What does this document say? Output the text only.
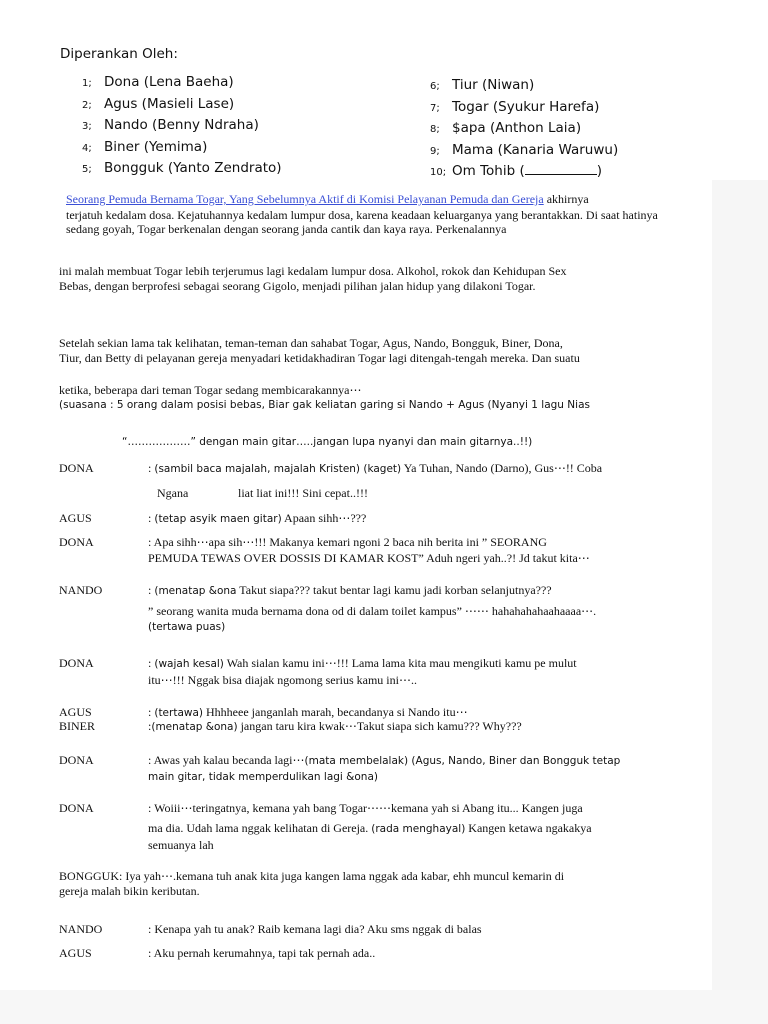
Diperankan Oleh:
1; Dona (Lena Baeha)
2; Agus (Masieli Lase)
3; Nando (Benny Ndraha)
4; Biner (Yemima)
5; Bongguk (Yanto Zendrato)
6; Tiur (Niwan)
7; Togar (Syukur Harefa)
8; $apa (Anthon Laia)
9; Mama (Kanaria Waruwu)
10; Om Tohib (	)
Seorang Pemuda Bernama Togar, Yang Sebelumnya Aktif di Komisi Pelayanan Pemuda dan Gereja akhirnya
terjatuh kedalam dosa. Kejatuhannya kedalam lumpur dosa, karena keadaan keluarganya yang berantakkan. Di saat hatinya
sedang goyah, Togar berkenalan dengan seorang janda cantik dan kaya raya. Perkenalannya
ini malah membuat Togar lebih terjerumus lagi kedalam lumpur dosa. Alkohol, rokok dan Kehidupan Sex
Bebas, dengan berprofesi sebagai seorang Gigolo, menjadi pilihan jalan hidup yang dilakoni Togar.
Setelah sekian lama tak kelihatan, teman-teman dan sahabat Togar, Agus, Nando, Bongguk, Biner, Dona,
Tiur, dan Betty di pelayanan gereja menyadari ketidakhadiran Togar lagi ditengah-tengah mereka. Dan suatu
ketika, beberapa dari teman Togar sedang membicarakannya⋯
(suasana : 5 orang dalam posisi bebas, Biar gak keliatan garing si Nando + Agus (Nyanyi 1 lagu Nias
“………………” dengan main gitar…..jangan lupa nyanyi dan main gitarnya..!!)
DONA	: (sambil baca majalah, majalah Kristen) (kaget) Ya Tuhan, Nando (Darno), Gus⋯!! Coba
Ngana	liat liat ini!!! Sini cepat..!!!
AGUS	: (tetap asyik maen gitar) Apaan sihh⋯???
DONA	: Apa sihh⋯apa sih⋯!!! Makanya kemari ngoni 2 baca nih berita ini ” SEORANG
PEMUDA TEWAS OVER DOSSIS DI KAMAR KOST” Aduh ngeri yah..?! Jd takut kita⋯
NANDO	: (menatap &ona Takut siapa??? takut bentar lagi kamu jadi korban selanjutnya???
” seorang wanita muda bernama dona od di dalam toilet kampus” ⋯⋯ hahahahahaahaaaa⋯.
(tertawa puas)
DONA	: (wajah kesal) Wah sialan kamu ini⋯!!! Lama lama kita mau mengikuti kamu pe mulut
itu⋯!!! Nggak bisa diajak ngomong serius kamu ini⋯..
AGUS	: (tertawa) Hhhheee janganlah marah, becandanya si Nando itu⋯
BINER	:(menatap &ona) jangan taru kira kwak⋯Takut siapa sich kamu??? Why???
DONA	: Awas yah kalau becanda lagi⋯(mata membelalak) (Agus, Nando, Biner dan Bongguk tetap
main gitar, tidak memperdulikan lagi &ona)
DONA	: Woiii⋯teringatnya, kemana yah bang Togar⋯⋯kemana yah si Abang itu... Kangen juga
ma dia. Udah lama nggak kelihatan di Gereja. (rada menghayal) Kangen ketawa ngakakya
semuanya lah
BONGGUK: Iya yah⋯.kemana tuh anak kita juga kangen lama nggak ada kabar, ehh muncul kemarin di
gereja malah bikin keributan.
NANDO	: Kenapa yah tu anak? Raib kemana lagi dia? Aku sms nggak di balas
AGUS	: Aku pernah kerumahnya, tapi tak pernah ada..
